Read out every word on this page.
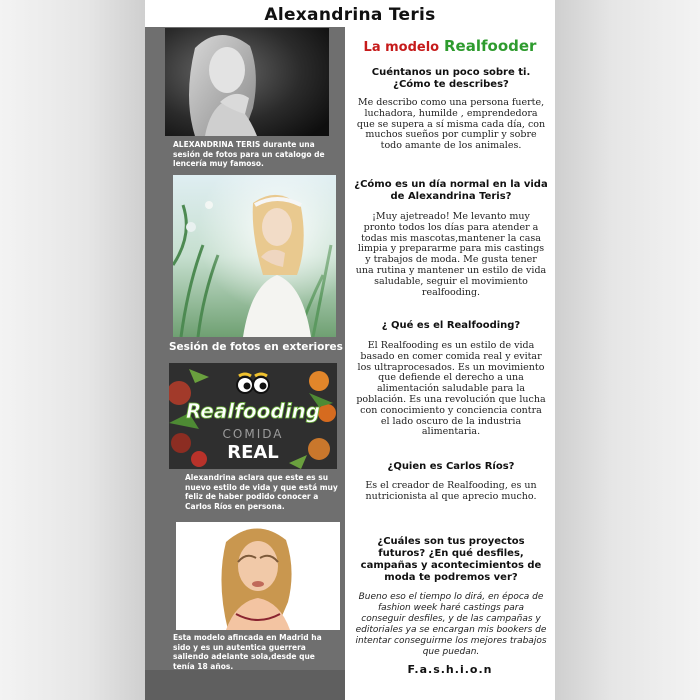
Alexandrina Teris
ALEXANDRINA TERIS durante una sesión de fotos para un catalogo de lencería muy famoso.
Sesión de fotos en exteriores
Realfooding
COMIDA
REAL
Alexandrina aclara que este es su nuevo estilo de vida y que está muy feliz de haber podido conocer a Carlos Ríos en persona.
Esta modelo afincada en Madrid ha sido y es un autentica guerrera saliendo adelante sola,desde que tenía 18 años.
La modelo Realfooder
Cuéntanos un poco sobre ti. ¿Cómo te describes?
Me describo como una persona fuerte, luchadora, humilde , emprendedora que se supera a sí misma cada día, con muchos sueños por cumplir y sobre todo amante de los animales.
¿Cómo es un día normal en la vida de Alexandrina Teris?
¡Muy ajetreado! Me levanto muy pronto todos los días para atender a todas mis mascotas,mantener la casa limpia y prepararme para mis castings y trabajos de moda. Me gusta tener una rutina y mantener un estilo de vida saludable, seguir el movimiento realfooding.
¿ Qué es el Realfooding?
El Realfooding es un estilo de vida basado en comer comida real y evitar los ultraprocesados. Es un movimiento que defiende el derecho a una alimentación saludable para la población. Es una revolución que lucha con conocimiento y conciencia contra el lado oscuro de la industria alimentaria.
¿Quien es Carlos Ríos?
Es el creador de Realfooding, es un nutricionista al que aprecio mucho.
¿Cuáles son tus proyectos futuros? ¿En qué desfiles, campañas y acontecimientos de moda te podremos ver?
Bueno eso el tiempo lo dirá, en época de fashion week haré castings para conseguir desfiles, y de las campañas y editoriales ya se encargan mis bookers de intentar conseguirme los mejores trabajos que puedan.
F.a.s.h.i.o.n
